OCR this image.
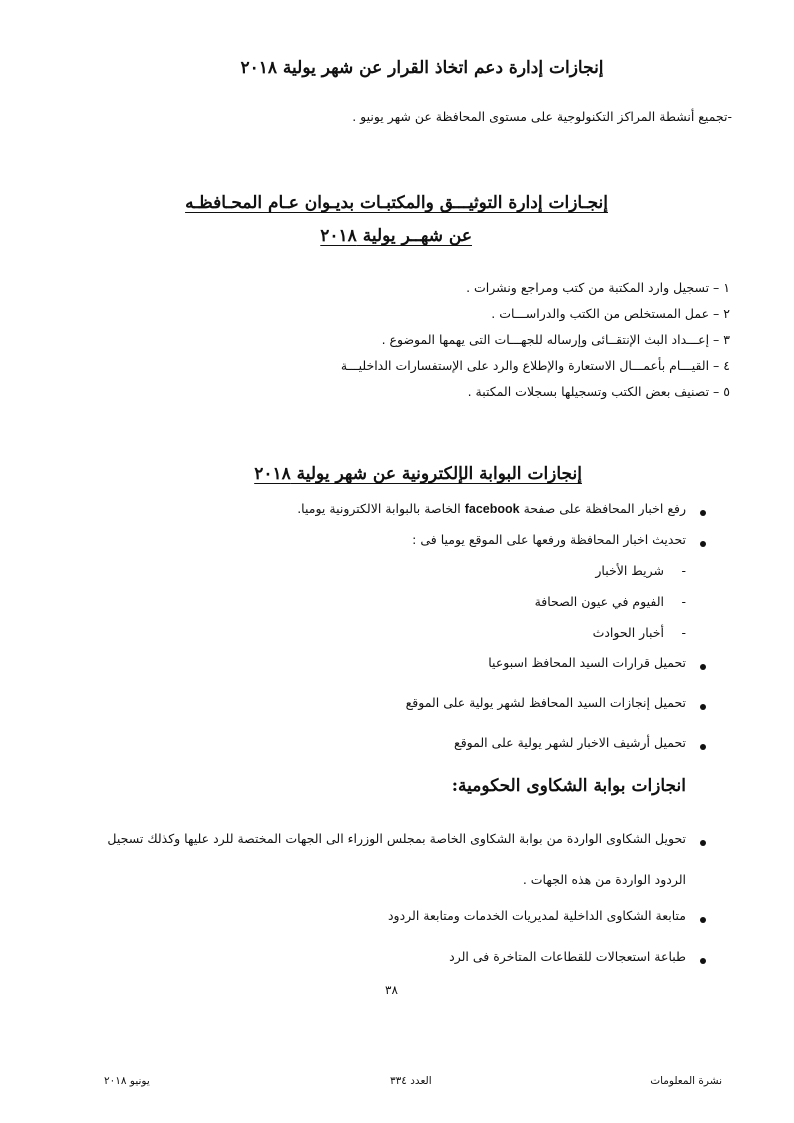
إنجازات إدارة دعم اتخاذ القرار عن شهر يولية ٢٠١٨
-تجميع أنشطة المراكز التكنولوجية على مستوى المحافظة عن شهر يونيو .
إنجـازات إدارة التوثيـــق والمكتبـات بديـوان عـام المحـافظـه
عن شهــر يولية ٢٠١٨
١ – تسجيل وارد المكتبة من كتب ومراجع ونشرات .
٢ – عمل المستخلص من الكتب والدراســـات .
٣ – إعـــداد البث الإنتقــائى وإرساله للجهـــات التى يهمها الموضوع .
٤ – القيـــام بأعمـــال الاستعارة والإطلاع والرد على الإستفسارات الداخليـــة
٥ – تصنيف بعض الكتب وتسجيلها بسجلات المكتبة .
إنجازات البوابة الإلكترونية عن شهر يولية ٢٠١٨
رفع اخبار المحافظة على صفحة facebook الخاصة بالبوابة الالكترونية يوميا.
تحديث اخبار المحافظة ورفعها على الموقع يوميا فى :
-
شريط الأخبار
-
الفيوم في عيون الصحافة
-
أخبار الحوادث
تحميل قرارات السيد المحافظ اسبوعيا
تحميل إنجازات السيد المحافظ لشهر يولية على الموقع
تحميل أرشيف الاخبار لشهر يولية على الموقع
انجازات بوابة الشكاوى الحكومية:
تحويل الشكاوى الواردة من بوابة الشكاوى الخاصة بمجلس الوزراء الى الجهات المختصة للرد عليها وكذلك تسجيل
الردود الواردة من هذه الجهات .
متابعة الشكاوى الداخلية لمديريات الخدمات ومتابعة الردود
طباعة استعجالات للقطاعات المتاخرة فى الرد
٣٨
نشرة المعلومات
العدد ٣٣٤
يونيو ٢٠١٨
